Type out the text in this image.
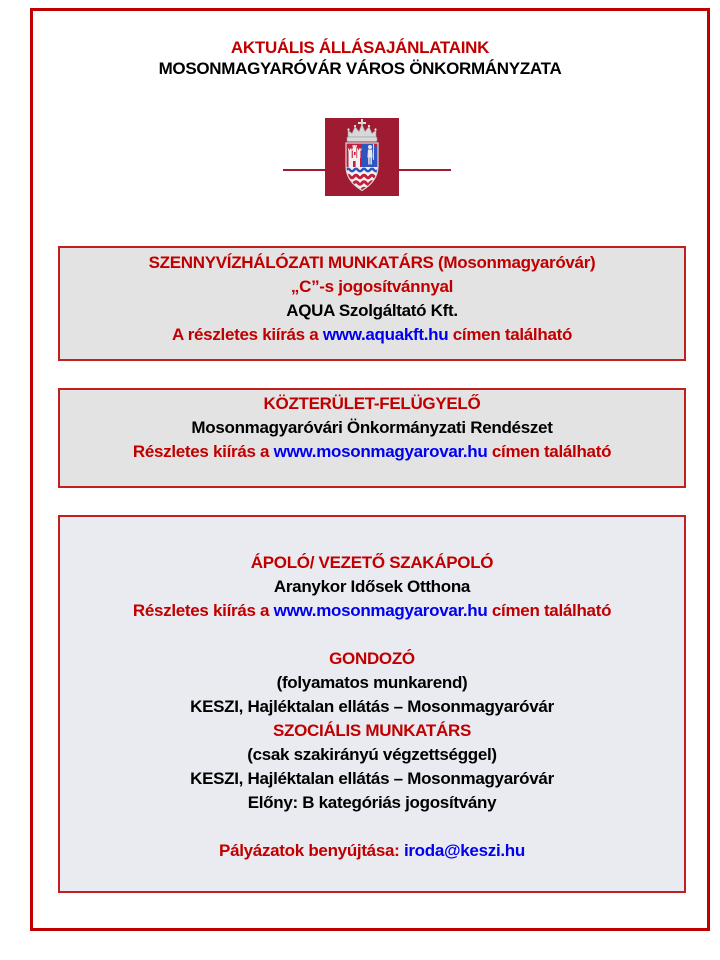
AKTUÁLIS ÁLLÁSAJÁNLATAINK
MOSONMAGYARÓVÁR VÁROS ÖNKORMÁNYZATA
SZENNYVÍZHÁLÓZATI MUNKATÁRS (Mosonmagyaróvár)
„C”-s jogosítvánnyal
AQUA Szolgáltató Kft.
A részletes kiírás a www.aquakft.hu címen található
KÖZTERÜLET-FELÜGYELŐ
Mosonmagyaróvári Önkormányzati Rendészet
Részletes kiírás a www.mosonmagyarovar.hu címen található
ÁPOLÓ/ VEZETŐ SZAKÁPOLÓ
Aranykor Idősek Otthona
Részletes kiírás a www.mosonmagyarovar.hu címen található
GONDOZÓ
(folyamatos munkarend)
KESZI, Hajléktalan ellátás – Mosonmagyaróvár
SZOCIÁLIS MUNKATÁRS
(csak szakirányú végzettséggel)
KESZI, Hajléktalan ellátás – Mosonmagyaróvár
Előny: B kategóriás jogosítvány
Pályázatok benyújtása: iroda@keszi.hu
